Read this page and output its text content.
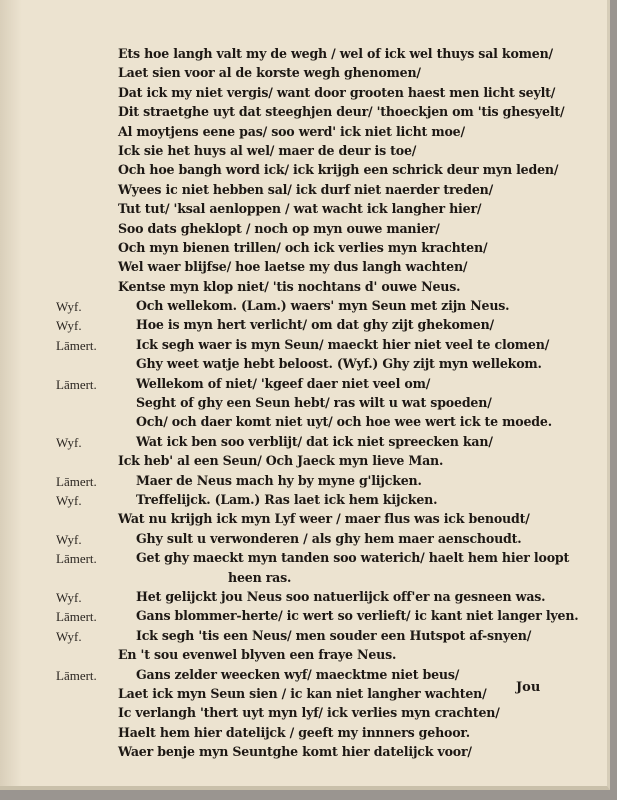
Ets hoe langh valt my de wegh / wel of ick wel thuys sal komen/
Laet sien voor al de korste wegh ghenomen/
Dat ick my niet vergis/ want door grooten haest men licht seylt/
Dit straetghe uyt dat steeghjen deur/ 'thoeckjen om 'tis ghesyelt/
Al moytjens eene pas/ soo werd' ick niet licht moe/
Ick sie het huys al wel/ maer de deur is toe/
Och hoe bangh word ick/ ick krijgh een schrick deur myn leden/
Wyees ic niet hebben sal/ ick durf niet naerder treden/
Tut tut/ 'ksal aenloppen / wat wacht ick langher hier/
Soo dats gheklopt / noch op myn ouwe manier/
Och myn bienen trillen/ och ick verlies myn krachten/
Wel waer blijfse/ hoe laetse my dus langh wachten/
Kentse myn klop niet/ 'tis nochtans d' ouwe Neus.
Wyf.	Och wellekom. (Lam.) waers' myn Seun met zijn Neus.
Wyf.	Hoe is myn hert verlicht/ om dat ghy zijt ghekomen/
Lāmert.	Ick segh waer is myn Seun/ maeckt hier niet veel te clomen/
Ghy weet watje hebt beloost. (Wyf.) Ghy zijt myn wellekom.
Lāmert.	Wellekom of niet/ 'kgeef daer niet veel om/
Seght of ghy een Seun hebt/ ras wilt u wat spoeden/
Och/ och daer komt niet uyt/ och hoe wee wert ick te moede.
Wyf.	Wat ick ben soo verblijt/ dat ick niet spreecken kan/
Ick heb' al een Seun/ Och Jaeck myn lieve Man.
Lāmert.	Maer de Neus mach hy by myne g'lijcken.
Wyf.	Treffelijck. (Lam.) Ras laet ick hem kijcken.
Wat nu krijgh ick myn Lyf weer / maer flus was ick benoudt/
Wyf.	Ghy sult u verwonderen / als ghy hem maer aenschoudt.
Lāmert.	Get ghy maeckt myn tanden soo waterich/ haelt hem hier loopt
heen ras.
Wyf.	Het gelijckt jou Neus soo natuerlijck off'er na gesneen was.
Lāmert.	Gans blommer-herte/ ic wert so verlieft/ ic kant niet langer lyen.
Wyf.	Ick segh 'tis een Neus/ men souder een Hutspot af-snyen/
En 't sou evenwel blyven een fraye Neus.
Lāmert.	Gans zelder weecken wyf/ maecktme niet beus/
Laet ick myn Seun sien / ic kan niet langher wachten/
Ic verlangh 'thert uyt myn lyf/ ick verlies myn crachten/
Haelt hem hier datelijck / geeft my innners gehoor.
Waer benje myn Seuntghe komt hier datelijck voor/
Jou
